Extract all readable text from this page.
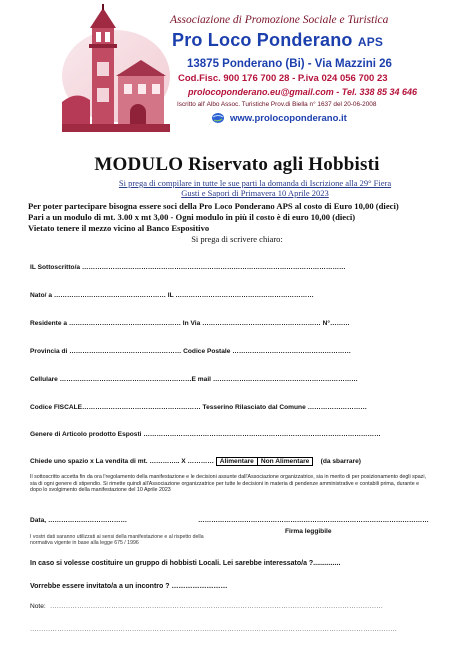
Associazione di Promozione Sociale e Turistica
Pro Loco Ponderano APS
13875 Ponderano (Bi) - Via Mazzini 26
Cod.Fisc. 900 176 700 28 - P.iva 024 056 700 23
prolocoponderano.eu@gmail.com - Tel. 338 85 34 646
Iscritto all' Albo Assoc. Turistiche Prov.di Biella n° 1637 del 20-06-2008
www.prolocoponderano.it
MODULO Riservato agli Hobbisti
Si prega di compilare in tutte le sue parti la domanda di Iscrizione alla 29° Fiera Gusti e Sapori di Primavera 10 Aprile 2023
Per poter partecipare bisogna essere soci della Pro Loco Ponderano APS al costo di Euro 10,00 (dieci)
Pari a un modulo di mt. 3.00 x mt 3,00 - Ogni modulo in più il costo è di euro 10,00 (dieci)
Vietato tenere il mezzo vicino al Banco Espositivo
Si prega di scrivere chiaro:
IL Sottoscritto/a …………………………………………………………………………………………………………
Nato/ a …………………………………………… IL ………………………………………………………
Residente a …………………………………………… In Via ……………………………………………… N°………
Provincia di …………………………………………… Codice Postale ………………………………………………
Cellulare ……………………………………………………E mail …………………………………………………………
Codice FISCALE……………………………………………… Tesserino Rilasciato dal Comune ………………………
Genere di Articolo prodotto Esposti ………………………………………………………………………………………………
Chiede uno spazio x La vendita di mt. ………….. X ………… Alimentare Non Alimentare (da sbarrare)
Il sottoscritto accetta fin da ora l'regolamento della manifestazione e le decisioni assunte dall'Associazione organizzatrice, sia in merito di per posizionamento degli spazi, sia di ogni genere di stipendio. Si rimette quindi all'Associazione organizzatrice per tutte le decisioni in materia di pendenze amministrative e contabili prima, durante e dopo lo svolgimento della manifestazione del 10 Aprile 2023
Data, ………………………………	……………………………………………………………………………………………
Firma leggibile
I vostri dati saranno utilizzati ai sensi della manifestazione e al rispetto della normativa vigente in base alla legge 675 / 1996
In caso si volesse costituire un gruppo di hobbisti Locali. Lei sarebbe interessato/a ?..............
Vorrebbe essere invitato/a a un incontro ? ……………………
Note: …………………………………………………………………………………………………………………………………
………………………………………………………………………………………………………………………………………………
